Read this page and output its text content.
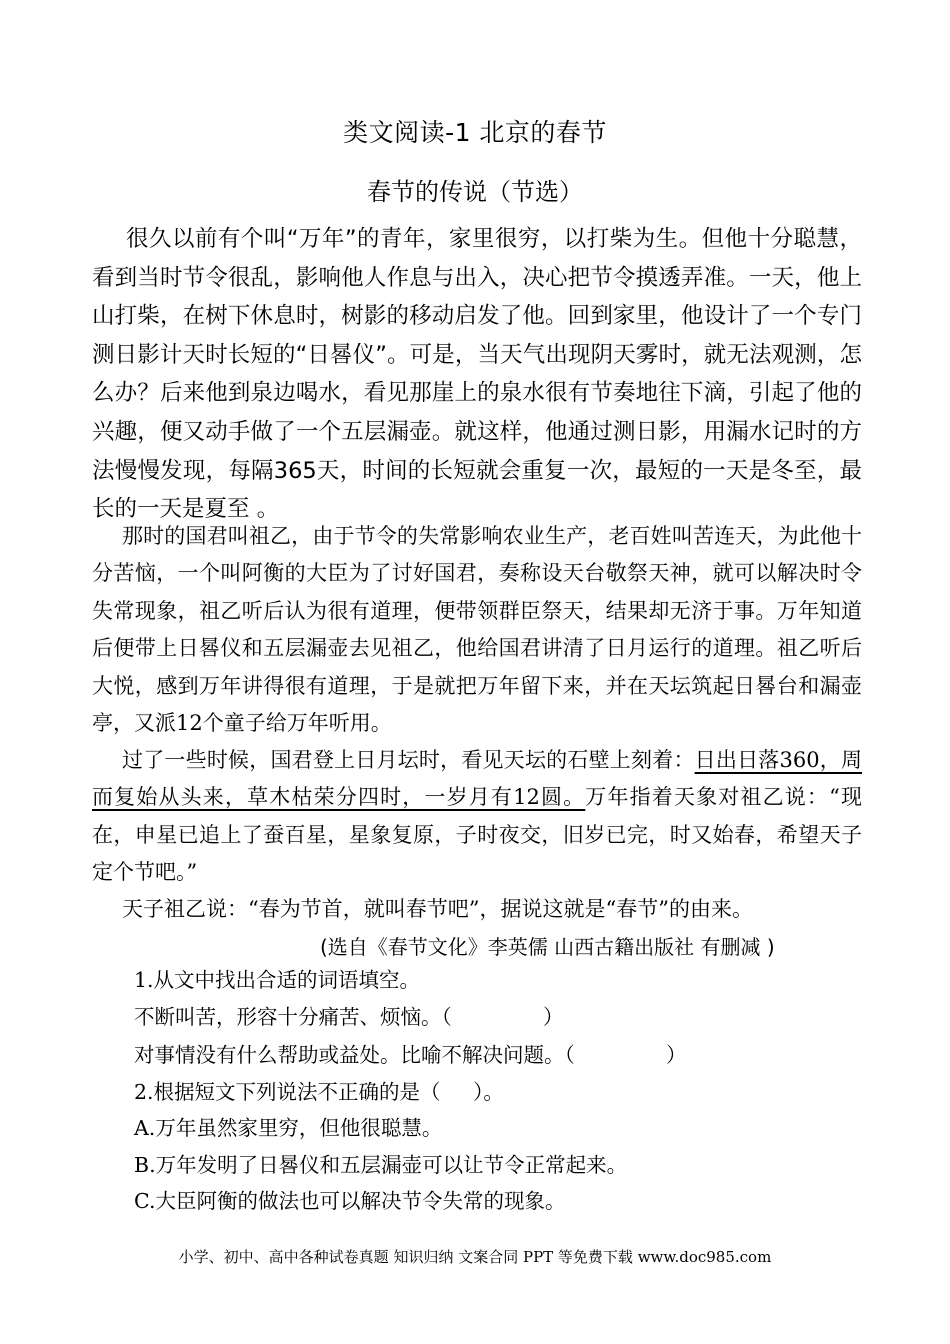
类文阅读-1 北京的春节
春节的传说（节选）

很久以前有个叫“万年”的青年，家里很穷，以打柴为生。但他十分聪慧，看到当时节令很乱，影响他人作息与出入，决心把节令摸透弄准。一天，他上山打柴，在树下休息时，树影的移动启发了他。回到家里，他设计了一个专门测日影计天时长短的“日晷仪”。可是，当天气出现阴天雾时，就无法观测，怎么办？后来他到泉边喝水，看见那崖上的泉水很有节奏地往下滴，引起了他的兴趣，便又动手做了一个五层漏壶。就这样，他通过测日影，用漏水记时的方法慢慢发现，每隔365天，时间的长短就会重复一次，最短的一天是冬至，最长的一天是夏至 。

那时的国君叫祖乙，由于节令的失常影响农业生产，老百姓叫苦连天，为此他十分苦恼，一个叫阿衡的大臣为了讨好国君，奏称设天台敬祭天神，就可以解决时令失常现象，祖乙听后认为很有道理，便带领群臣祭天，结果却无济于事。万年知道后便带上日晷仪和五层漏壶去见祖乙，他给国君讲清了日月运行的道理。祖乙听后大悦，感到万年讲得很有道理，于是就把万年留下来，并在天坛筑起日晷台和漏壶亭，又派12个童子给万年听用。

过了一些时候，国君登上日月坛时，看见天坛的石壁上刻着：日出日落360，周而复始从头来，草木枯荣分四时，一岁月有12圆。万年指着天象对祖乙说：“现在，申星已追上了蚕百星，星象复原，子时夜交，旧岁已完，时又始春，希望天子定个节吧。”

天子祖乙说：“春为节首，就叫春节吧”，据说这就是“春节”的由来。

(选自《春节文化》李英儒 山西古籍出版社 有删减 )
1.从文中找出合适的词语填空。
不断叫苦，形容十分痛苦、烦恼。（              ）
对事情没有什么帮助或益处。比喻不解决问题。（              ）
2.根据短文下列说法不正确的是（     ）。
A.万年虽然家里穷，但他很聪慧。
B.万年发明了日晷仪和五层漏壶可以让节令正常起来。
C.大臣阿衡的做法也可以解决节令失常的现象。
小学、初中、高中各种试卷真题 知识归纳 文案合同 PPT 等免费下载 www.doc985.com
